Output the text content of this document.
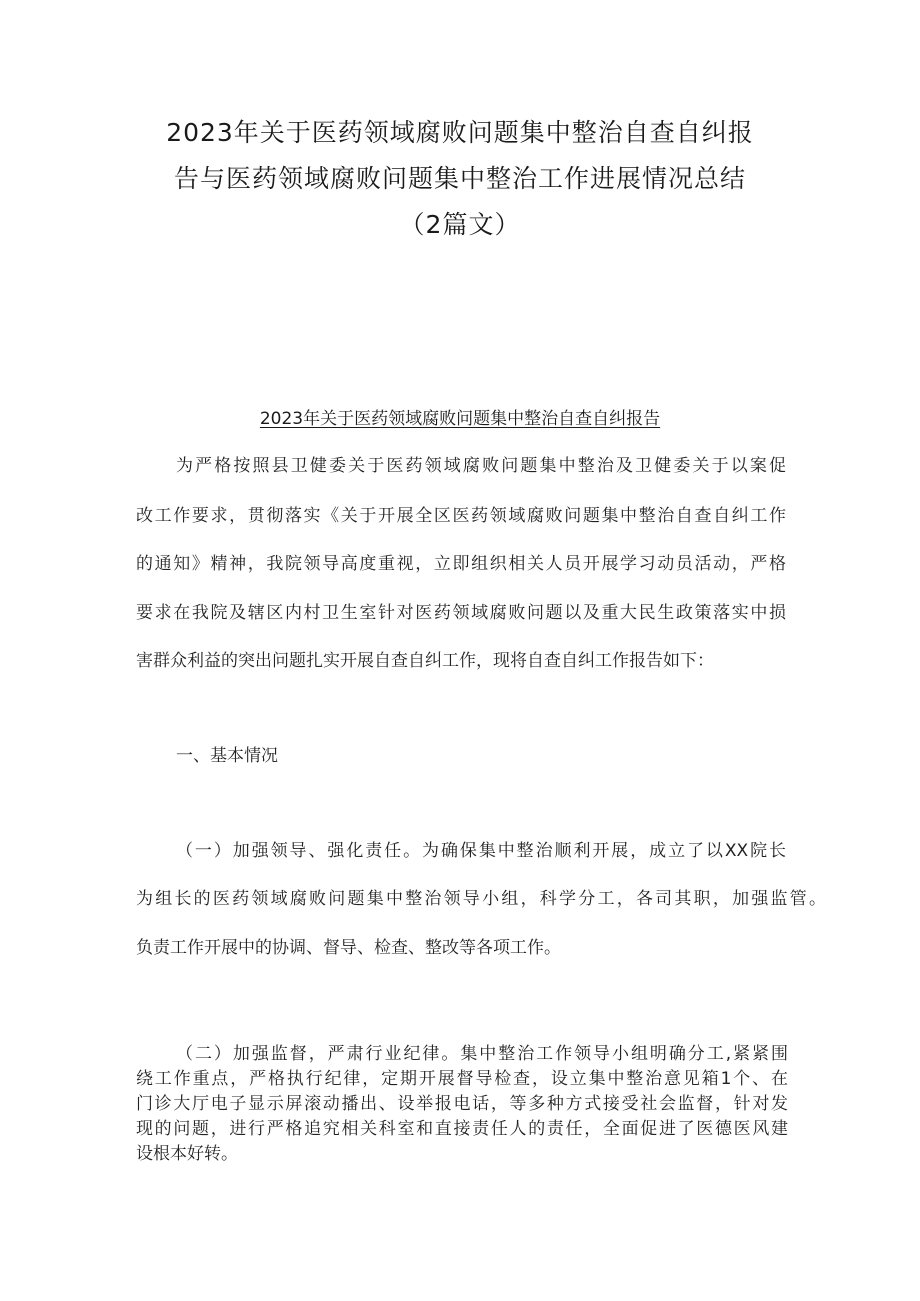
2023年关于医药领域腐败问题集中整治自查自纠报
告与医药领域腐败问题集中整治工作进展情况总结
（2篇文）
2023年关于医药领域腐败问题集中整治自查自纠报告

为严格按照县卫健委关于医药领域腐败问题集中整治及卫健委关于以案促

改工作要求，贯彻落实《关于开展全区医药领域腐败问题集中整治自查自纠工作

的通知》精神，我院领导高度重视，立即组织相关人员开展学习动员活动，严格

要求在我院及辖区内村卫生室针对医药领域腐败问题以及重大民生政策落实中损

害群众利益的突出问题扎实开展自查自纠工作，现将自查自纠工作报告如下：

一、基本情况

（一）加强领导、强化责任。为确保集中整治顺利开展，成立了以XX院长

为组长的医药领域腐败问题集中整治领导小组，科学分工，各司其职，加强监管。

负责工作开展中的协调、督导、检查、整改等各项工作。

（二）加强监督，严肃行业纪律。集中整治工作领导小组明确分工,紧紧围

绕工作重点，严格执行纪律，定期开展督导检查，设立集中整治意见箱1个、在

门诊大厅电子显示屏滚动播出、设举报电话，等多种方式接受社会监督，针对发

现的问题，进行严格追究相关科室和直接责任人的责任，全面促进了医德医风建

设根本好转。
